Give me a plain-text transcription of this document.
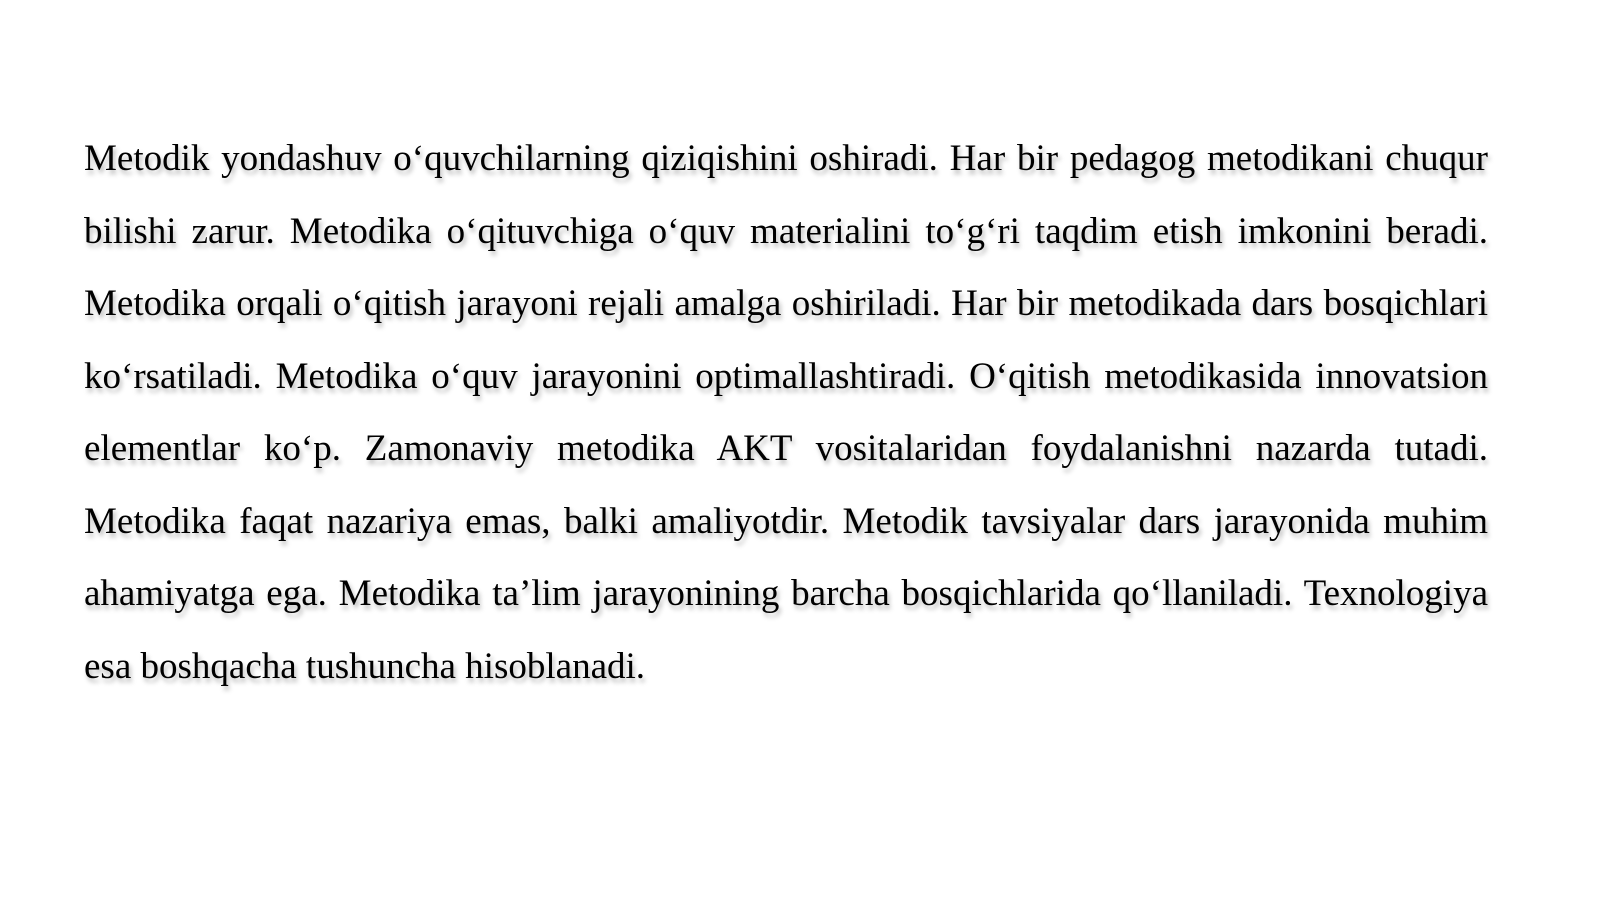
Metodik yondashuv o‘quvchilarning qiziqishini oshiradi. Har bir pedagog metodikani chuqur bilishi zarur. Metodika o‘qituvchiga o‘quv materialini to‘g‘ri taqdim etish imkonini beradi. Metodika orqali o‘qitish jarayoni rejali amalga oshiriladi. Har bir metodikada dars bosqichlari ko‘rsatiladi. Metodika o‘quv jarayonini optimallashtiradi. O‘qitish metodikasida innovatsion elementlar ko‘p. Zamonaviy metodika AKT vositalaridan foydalanishni nazarda tutadi. Metodika faqat nazariya emas, balki amaliyotdir. Metodik tavsiyalar dars jarayonida muhim ahamiyatga ega. Metodika ta’lim jarayonining barcha bosqichlarida qo‘llaniladi. Texnologiya esa boshqacha tushuncha hisoblanadi.
